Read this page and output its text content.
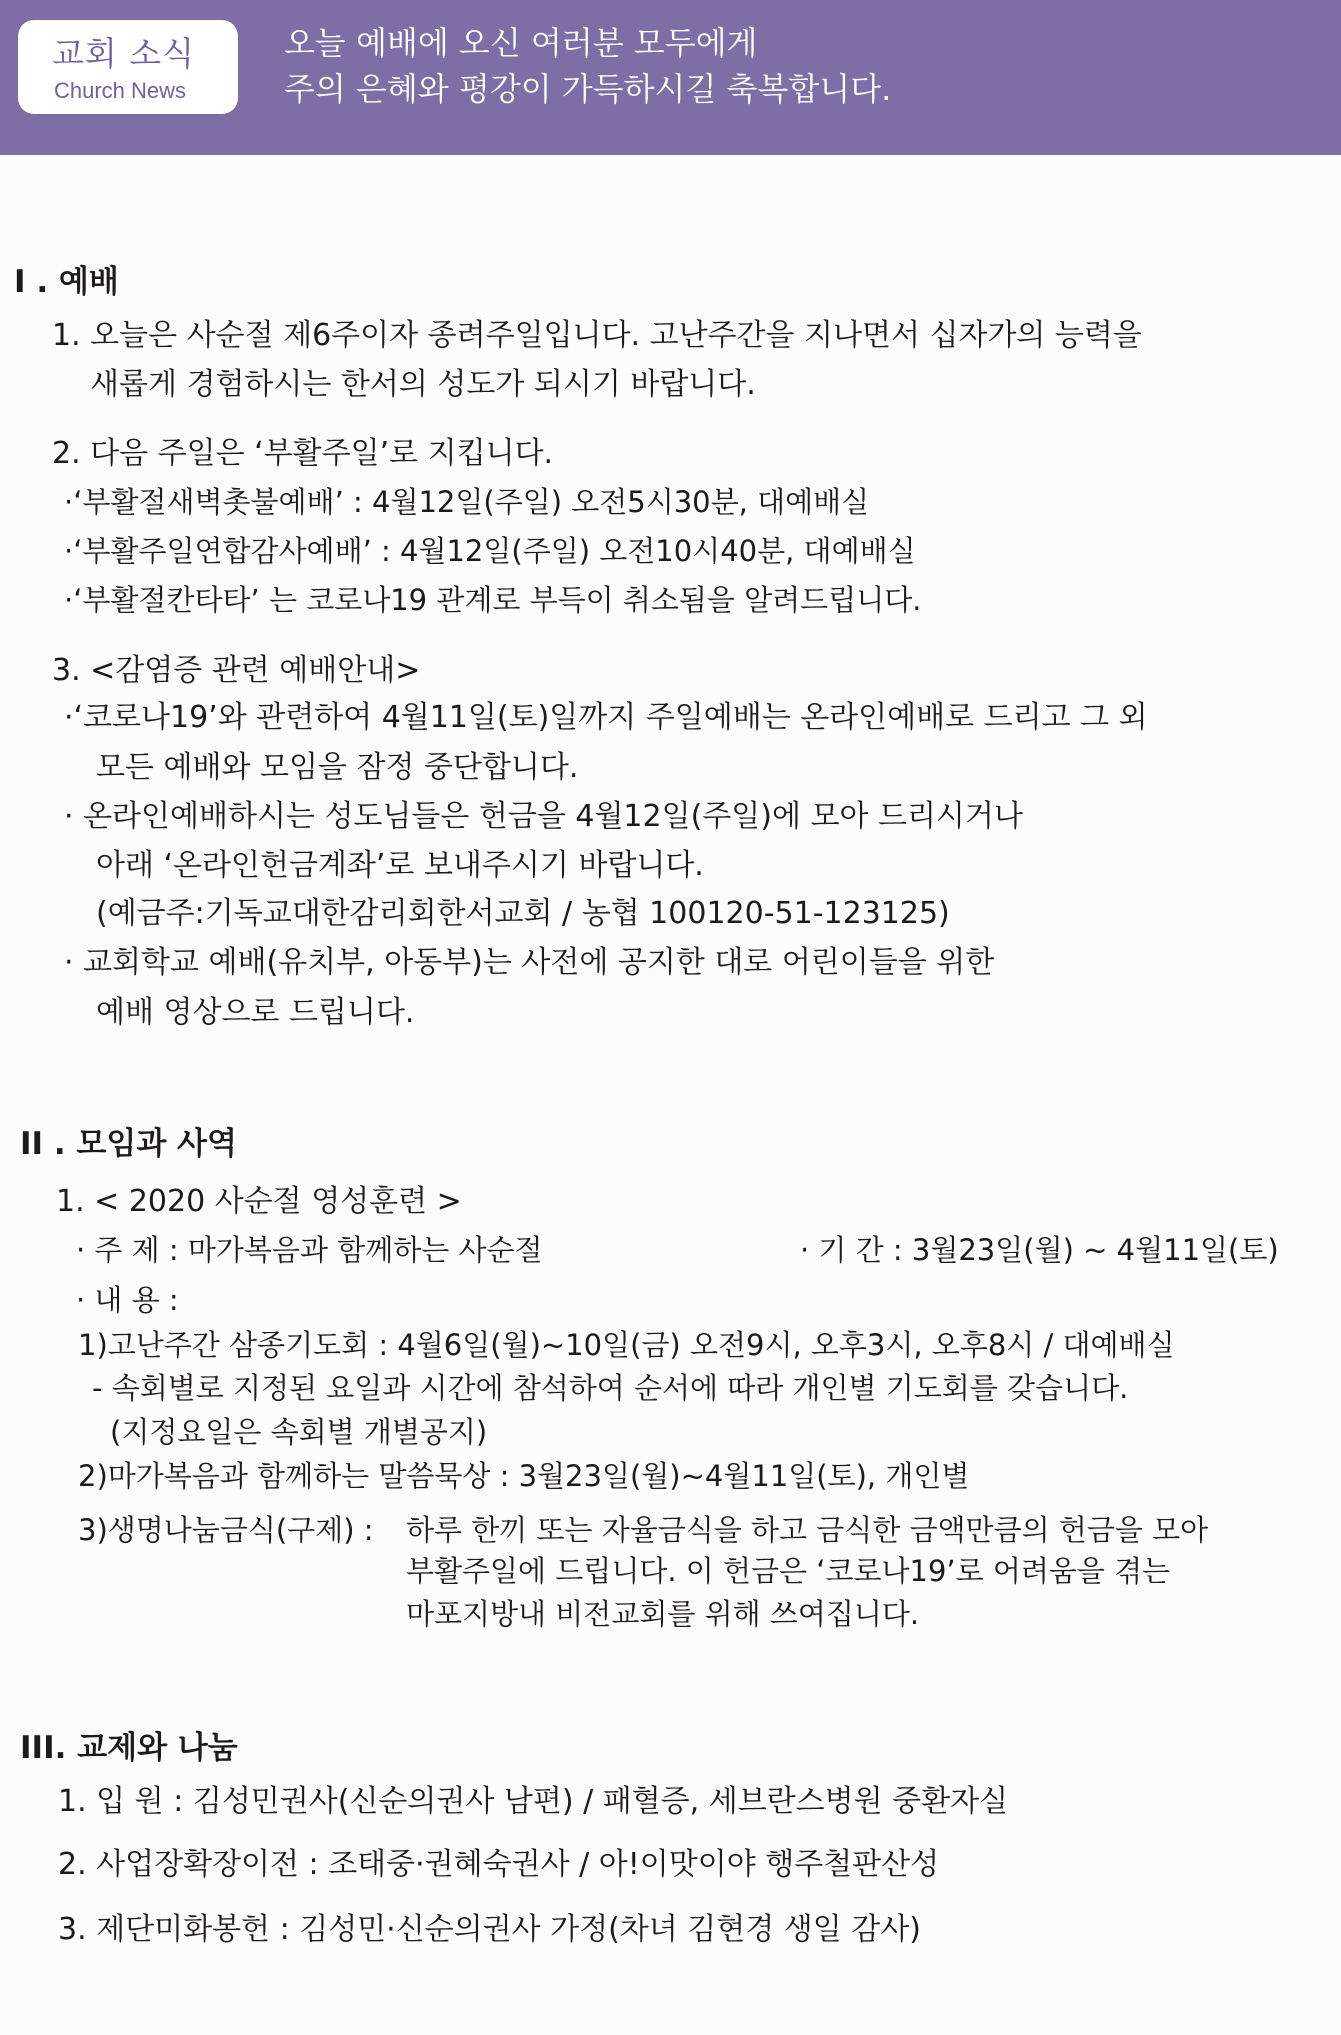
교회 소식
Church News
오늘 예배에 오신 여러분 모두에게
주의 은혜와 평강이 가득하시길 축복합니다.
I . 예배
1. 오늘은 사순절 제6주이자 종려주일입니다. 고난주간을 지나면서 십자가의 능력을
새롭게 경험하시는 한서의 성도가 되시기 바랍니다.
2. 다음 주일은 ‘부활주일’로 지킵니다.
·‘부활절새벽촛불예배’ : 4월12일(주일) 오전5시30분, 대예배실
·‘부활주일연합감사예배’ : 4월12일(주일) 오전10시40분, 대예배실
·‘부활절칸타타’ 는 코로나19 관계로 부득이 취소됨을 알려드립니다.
3. <감염증 관련 예배안내>
·‘코로나19’와 관련하여 4월11일(토)일까지 주일예배는 온라인예배로 드리고 그 외
모든 예배와 모임을 잠정 중단합니다.
· 온라인예배하시는 성도님들은 헌금을 4월12일(주일)에 모아 드리시거나
아래 ‘온라인헌금계좌’로 보내주시기 바랍니다.
(예금주:기독교대한감리회한서교회 / 농협 100120-51-123125)
· 교회학교 예배(유치부, 아동부)는 사전에 공지한 대로 어린이들을 위한
예배 영상으로 드립니다.
II . 모임과 사역
1. < 2020 사순절 영성훈련 >
· 주 제 : 마가복음과 함께하는 사순절	· 기 간 : 3월23일(월) ~ 4월11일(토)
· 내 용 :
1)고난주간 삼종기도회 : 4월6일(월)~10일(금) 오전9시, 오후3시, 오후8시 / 대예배실
- 속회별로 지정된 요일과 시간에 참석하여 순서에 따라 개인별 기도회를 갖습니다.
(지정요일은 속회별 개별공지)
2)마가복음과 함께하는 말씀묵상 : 3월23일(월)~4월11일(토), 개인별
3)생명나눔금식(구제) : 하루 한끼 또는 자율금식을 하고 금식한 금액만큼의 헌금을 모아
부활주일에 드립니다. 이 헌금은 ‘코로나19’로 어려움을 겪는
마포지방내 비전교회를 위해 쓰여집니다.
III. 교제와 나눔
1. 입 원 : 김성민권사(신순의권사 남편) / 패혈증, 세브란스병원 중환자실
2. 사업장확장이전 : 조태중·권혜숙권사 / 아!이맛이야 행주철판산성
3. 제단미화봉헌 : 김성민·신순의권사 가정(차녀 김현경 생일 감사)
